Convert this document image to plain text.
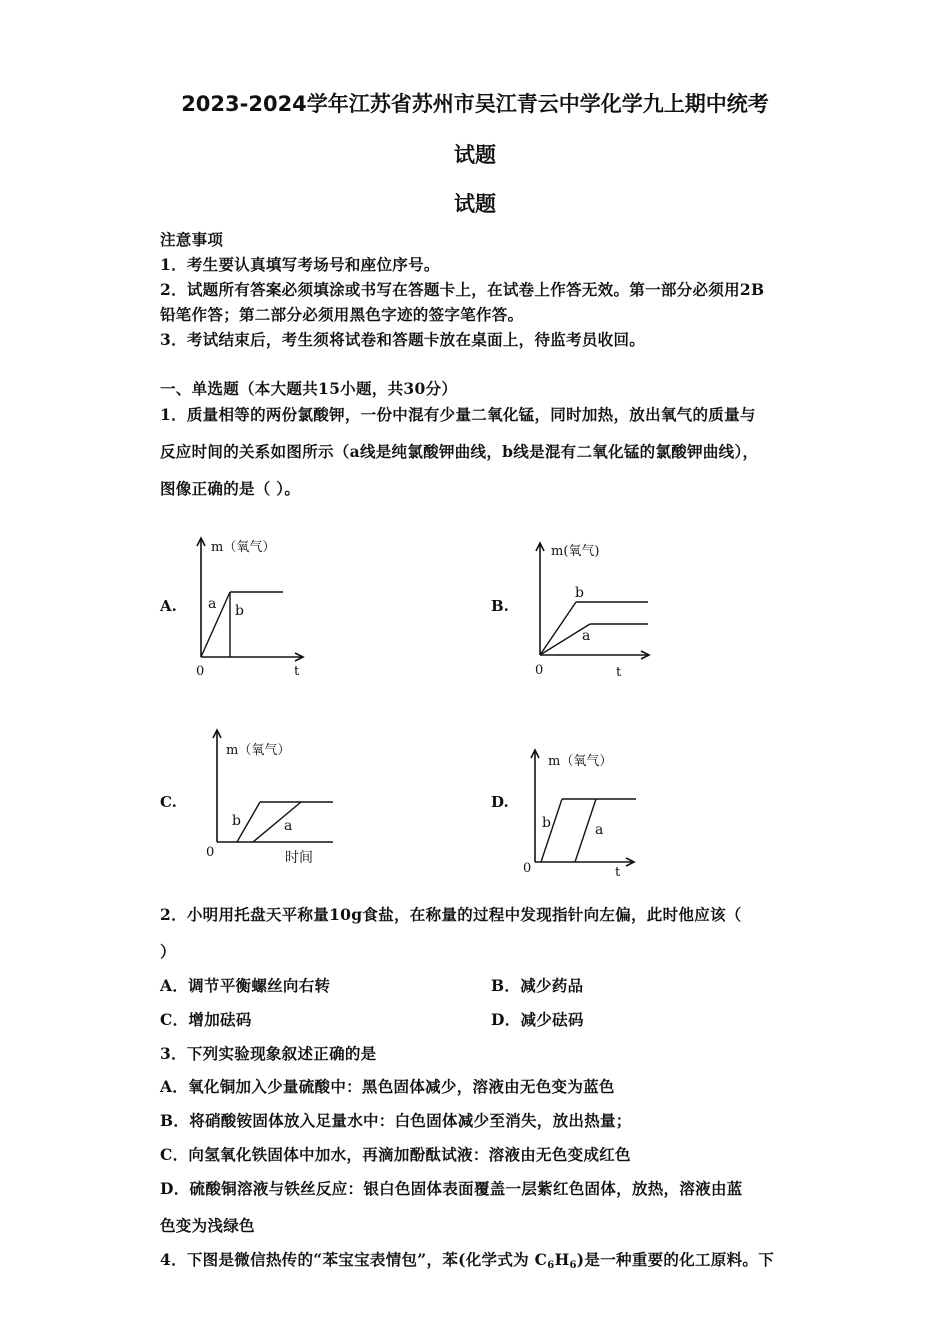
2023-2024学年江苏省苏州市吴江青云中学化学九上期中统考
试题
试题
注意事项
1．考生要认真填写考场号和座位序号。
2．试题所有答案必须填涂或书写在答题卡上，在试卷上作答无效。第一部分必须用2B
铅笔作答；第二部分必须用黑色字迹的签字笔作答。
3．考试结束后，考生须将试卷和答题卡放在桌面上，待监考员收回。
一、单选题（本大题共15小题，共30分）
1．质量相等的两份氯酸钾，一份中混有少量二氧化锰，同时加热，放出氧气的质量与
反应时间的关系如图所示（a线是纯氯酸钾曲线，b线是混有二氧化锰的氯酸钾曲线），
图像正确的是（ ）。
A.
m（氧气）
a b
0	t
B.
m(氧气)
b
a
0	t
C.
m（氧气）
b	a
0	时间
D.
m（氧气）
b	a
0	t
2．小明用托盘天平称量10g食盐，在称量的过程中发现指针向左偏，此时他应该（
）
A．调节平衡螺丝向右转	B．减少药品
C．增加砝码	D．减少砝码
3．下列实验现象叙述正确的是
A．氧化铜加入少量硫酸中：黑色固体减少，溶液由无色变为蓝色
B．将硝酸铵固体放入足量水中：白色固体减少至消失，放出热量；
C．向氢氧化铁固体中加水，再滴加酚酞试液：溶液由无色变成红色
D．硫酸铜溶液与铁丝反应：银白色固体表面覆盖一层紫红色固体，放热，溶液由蓝
色变为浅绿色
4．下图是微信热传的“苯宝宝表情包”，苯(化学式为 $C_6H_6$)是一种重要的化工原料。下
